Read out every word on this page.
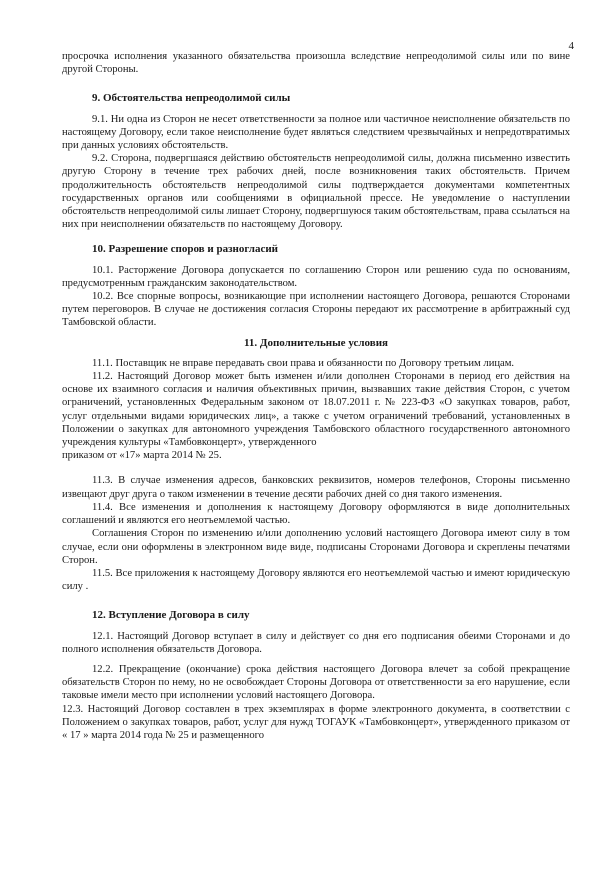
4

просрочка исполнения указанного обязательства произошла вследствие непреодолимой силы или по вине другой Стороны.

9. Обстоятельства непреодолимой силы

9.1. Ни одна из Сторон не несет ответственности за полное или частичное неисполнение обязательств по настоящему Договору, если такое неисполнение будет являться следствием чрезвычайных и непредотвратимых при данных условиях обстоятельств.

9.2. Сторона, подвергшаяся действию обстоятельств непреодолимой силы, должна письменно известить другую Сторону в течение трех рабочих дней, после возникновения таких обстоятельств. Причем продолжительность обстоятельств непреодолимой силы подтверждается документами компетентных государственных органов или сообщениями в официальной прессе. Не уведомление о наступлении обстоятельств непреодолимой силы лишает Сторону, подвергшуюся таким обстоятельствам, права ссылаться на них при неисполнении обязательств по настоящему Договору.

10. Разрешение споров и разногласий

10.1. Расторжение Договора допускается по соглашению Сторон или решению суда по основаниям, предусмотренным гражданским законодательством.

10.2. Все спорные вопросы, возникающие при исполнении настоящего Договора, решаются Сторонами путем переговоров. В случае не достижения согласия Стороны передают их рассмотрение в арбитражный суд Тамбовской области.

11. Дополнительные условия

11.1. Поставщик не вправе передавать свои права и обязанности по Договору третьим лицам.

11.2. Настоящий Договор может быть изменен и/или дополнен Сторонами в период его действия на основе их взаимного согласия и наличия объективных причин, вызвавших такие действия Сторон, с учетом ограничений, установленных Федеральным законом от 18.07.2011 г. № 223-ФЗ «О закупках товаров, работ, услуг отдельными видами юридических лиц», а также с учетом ограничений требований, установленных в Положении о закупках для автономного учреждения Тамбовского областного государственного автономного учреждения культуры «Тамбовконцерт», утвержденного

приказом от «17» марта 2014 № 25.

11.3. В случае изменения адресов, банковских реквизитов, номеров телефонов, Стороны письменно извещают друг друга о таком изменении в течение десяти рабочих дней со дня такого изменения.

11.4. Все изменения и дополнения к настоящему Договору оформляются в виде дополнительных соглашений и являются его неотъемлемой частью.

Соглашения Сторон по изменению и/или дополнению условий настоящего Договора имеют силу в том случае, если они оформлены в электронном виде виде, подписаны Сторонами Договора и скреплены печатями Сторон.

11.5. Все приложения к настоящему Договору являются его неотъемлемой частью и имеют юридическую силу .

12. Вступление Договора в силу

12.1. Настоящий Договор вступает в силу и действует со дня его подписания обеими Сторонами и до полного исполнения обязательств Договора.

12.2. Прекращение (окончание) срока действия настоящего Договора влечет за собой прекращение обязательств Сторон по нему, но не освобождает Стороны Договора от ответственности за его нарушение, если таковые имели место при исполнении условий настоящего Договора.

12.3. Настоящий Договор составлен в трех экземплярах в форме электронного документа, в соответствии с Положением о закупках товаров, работ, услуг для нужд ТОГАУК «Тамбовконцерт», утвержденного приказом от « 17 » марта 2014 года № 25 и размещенного
